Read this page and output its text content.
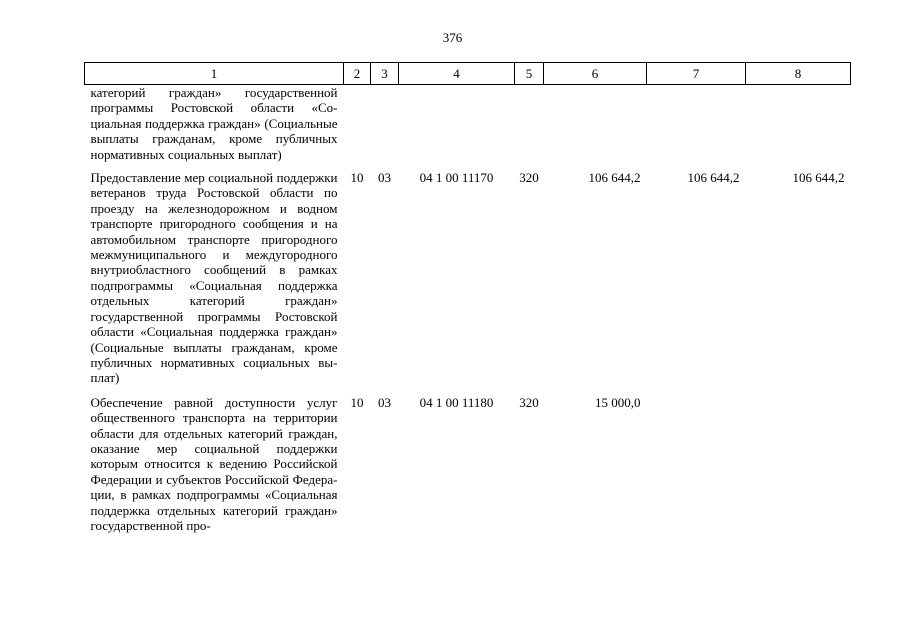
376
1	2	3	4	5	6	7	8
категорий граждан» государственной программы Ростовской области «Социальная поддержка граждан» (Социальные выплаты гражданам, кроме публичных нормативных социальных выплат)							
Предоставление мер социальной поддержки ветеранов труда Ростовской области по проезду на железнодорожном и водном транспорте пригородного сообщения и на автомобильном транспорте пригородного межмуниципального и междугородного внутриобластного сообщений в рамках подпрограммы «Социальная поддержка отдельных категорий граждан» государственной программы Ростовской области «Социальная поддержка граждан» (Социальные выплаты гражданам, кроме публичных нормативных социальных выплат)	10	03	04 1 00 11170	320	106 644,2	106 644,2	106 644,2
Обеспечение равной доступности услуг общественного транспорта на территории области для отдельных категорий граждан, оказание мер социальной поддержки которым относится к ведению Российской Федерации и субъектов Российской Федерации, в рамках подпрограммы «Социальная поддержка отдельных категорий граждан» государственной про-	10	03	04 1 00 11180	320	15 000,0		
